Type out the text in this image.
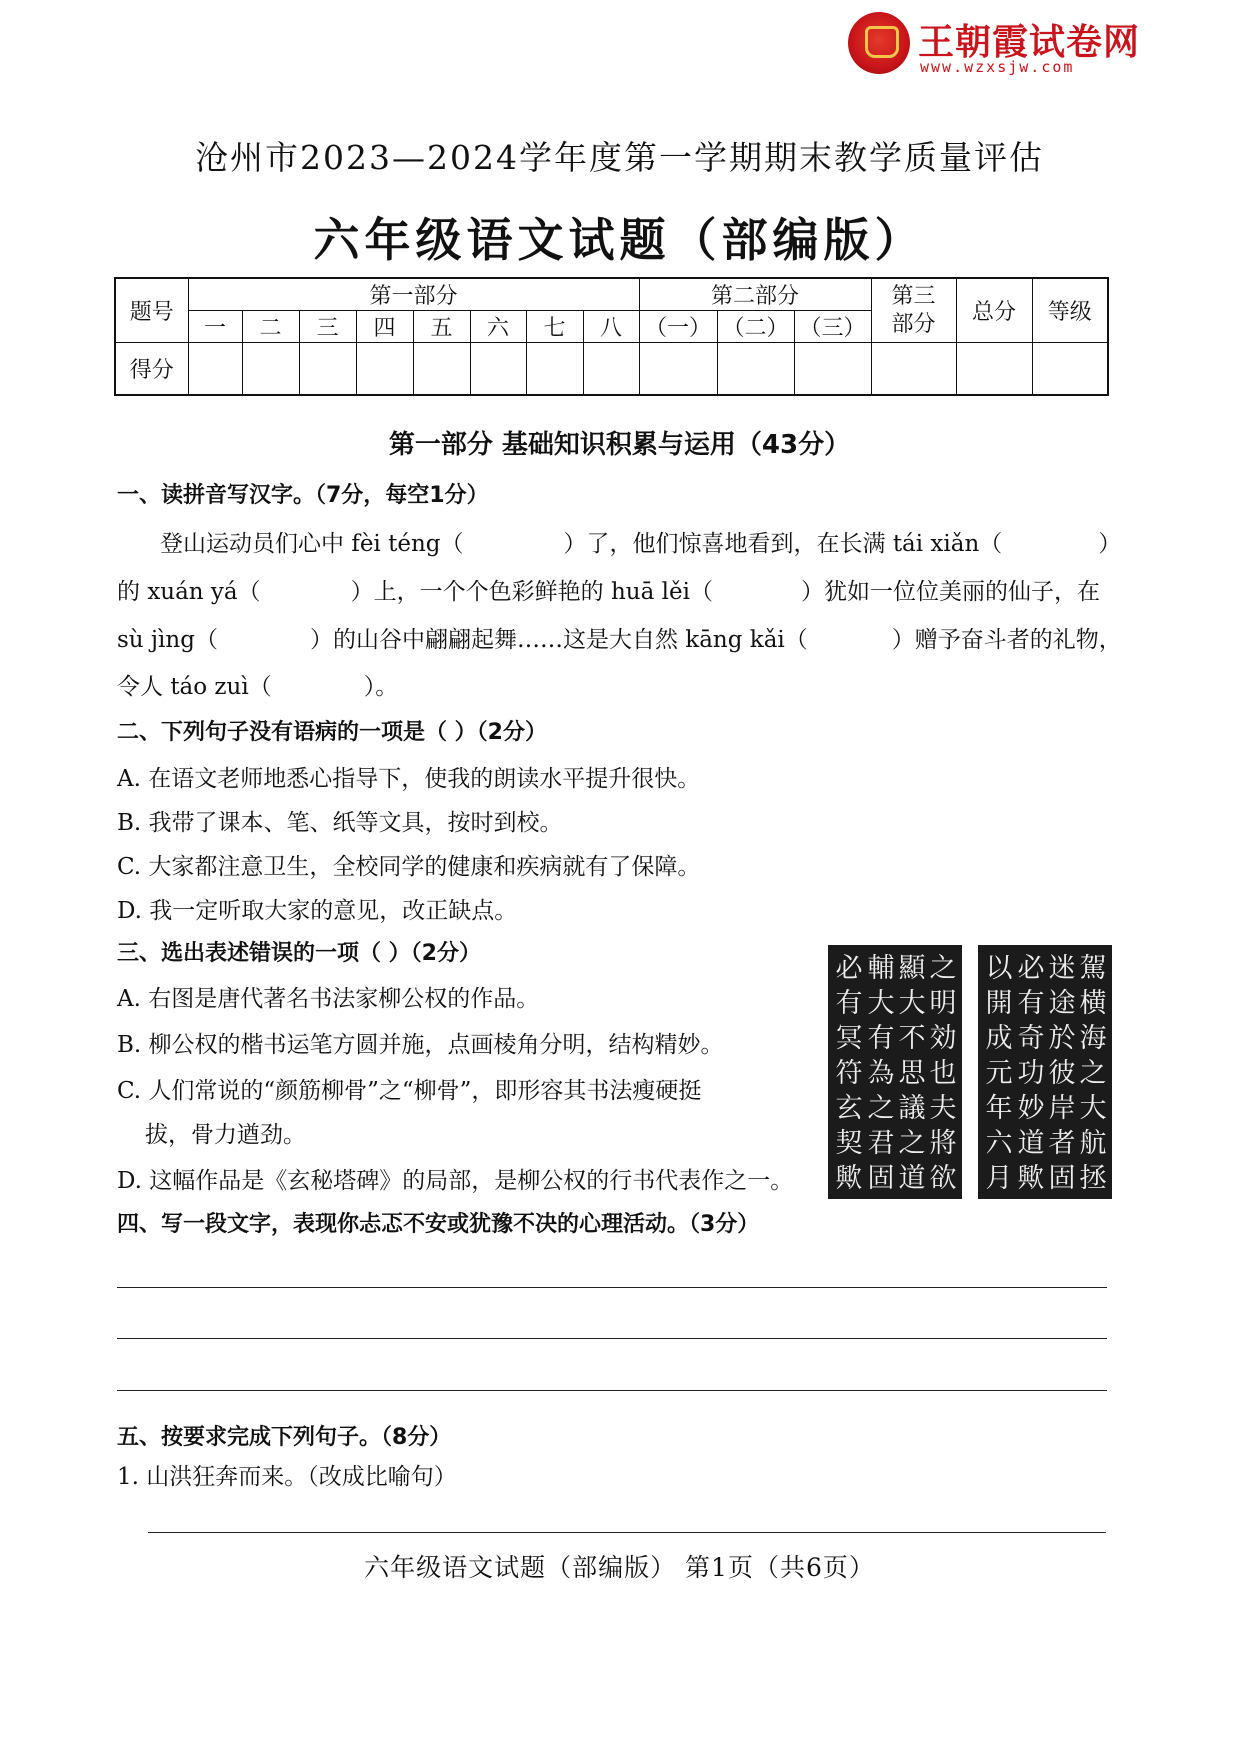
王朝霞试卷网
www.wzxsjw.com
沧州市2023—2024学年度第一学期期末教学质量评估
六年级语文试题（部编版）
题号	第一部分								第二部分			第三部分	总分	等级
	一	二	三	四	五	六	七	八	（一）	（二）	（三）			
得分														
第一部分 基础知识积累与运用（43分）
一、读拼音写汉字。（7分，每空1分）
登山运动员们心中 fèi téng（	）了，他们惊喜地看到，在长满 tái xiǎn（	）
的 xuán yá（	）上，一个个色彩鲜艳的 huā lěi（	）犹如一位位美丽的仙子，在
sù jìng（	）的山谷中翩翩起舞……这是大自然 kāng kǎi（	）赠予奋斗者的礼物，
令人 táo zuì（	）。
二、下列句子没有语病的一项是（ ）（2分）
A. 在语文老师地悉心指导下，使我的朗读水平提升很快。
B. 我带了课本、笔、纸等文具，按时到校。
C. 大家都注意卫生，全校同学的健康和疾病就有了保障。
D. 我一定听取大家的意见，改正缺点。
三、选出表述错误的一项（ ）（2分）
A. 右图是唐代著名书法家柳公权的作品。
B. 柳公权的楷书运笔方圆并施，点画棱角分明，结构精妙。
C. 人们常说的“颜筋柳骨”之“柳骨”，即形容其书法瘦硬挺
拔，骨力遒劲。
D. 这幅作品是《玄秘塔碑》的局部，是柳公权的行书代表作之一。
之明効也夫將欲
顯大不思議之道
輔大有為之君固
必有冥符玄契歟
駕横海之大航拯
迷途於彼岸者固
必有奇功妙道歟
以開成元年六月
四、写一段文字，表现你忐忑不安或犹豫不决的心理活动。（3分）
五、按要求完成下列句子。（8分）
1. 山洪狂奔而来。（改成比喻句）
六年级语文试题（部编版） 第1页（共6页）
